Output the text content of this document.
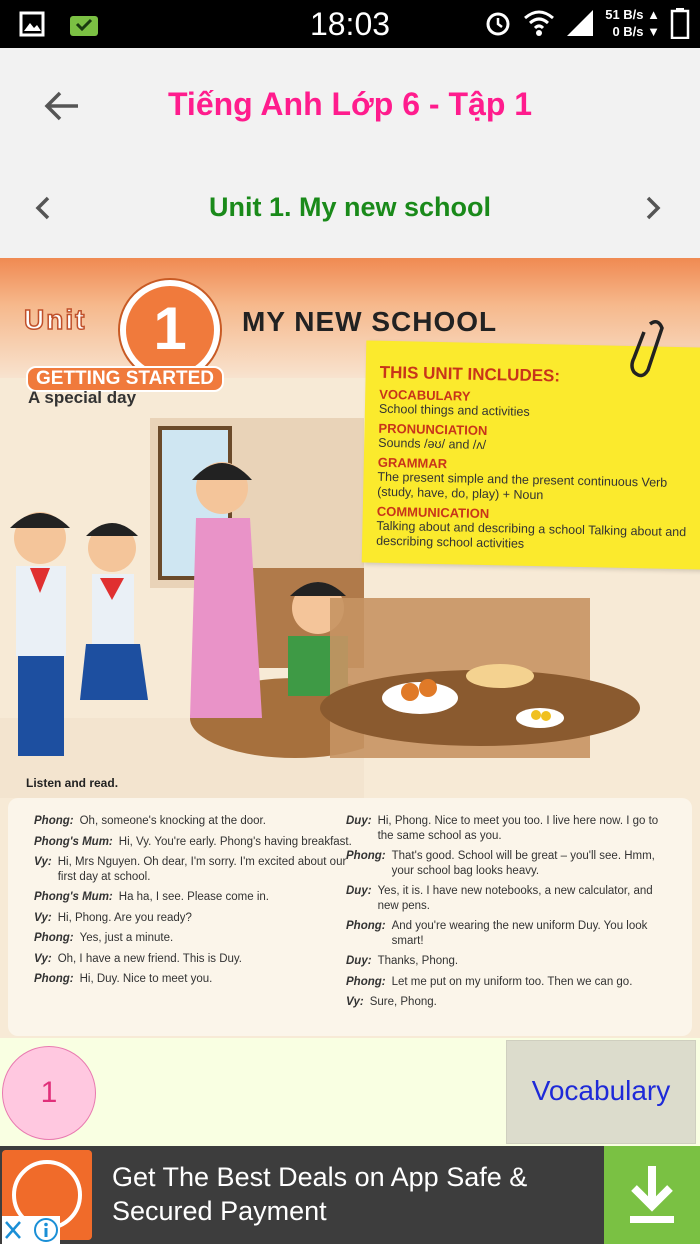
18:03	51 B/s ▲
0 B/s ▼
Tiếng Anh Lớp 6 - Tập 1
Unit 1. My new school
Unit	1	MY NEW SCHOOL
GETTING STARTED
A special day
THIS UNIT INCLUDES:
VOCABULARY
School things and activities
PRONUNCIATION
Sounds /əʊ/ and /ʌ/
GRAMMAR
The present simple and the present continuous Verb (study, have, do, play) + Noun
COMMUNICATION
Talking about and describing a school Talking about and describing school activities
Listen and read.
Phong: Oh, someone's knocking at the door.
Phong's Mum: Hi, Vy. You're early. Phong's having breakfast.
Vy: Hi, Mrs Nguyen. Oh dear, I'm sorry. I'm excited about our first day at school.
Phong's Mum: Ha ha, I see. Please come in.
Vy: Hi, Phong. Are you ready?
Phong: Yes, just a minute.
Vy: Oh, I have a new friend. This is Duy.
Phong: Hi, Duy. Nice to meet you.
Duy: Hi, Phong. Nice to meet you too. I live here now. I go to the same school as you.
Phong: That's good. School will be great – you'll see. Hmm, your school bag looks heavy.
Duy: Yes, it is. I have new notebooks, a new calculator, and new pens.
Phong: And you're wearing the new uniform Duy. You look smart!
Duy: Thanks, Phong.
Phong: Let me put on my uniform too. Then we can go.
Vy: Sure, Phong.
1	Vocabulary
Get The Best Deals on App Safe & Secured Payment
